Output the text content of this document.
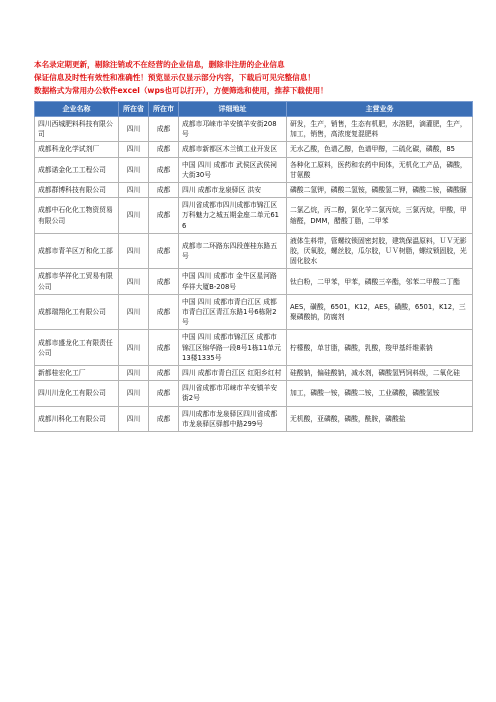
本名录定期更新，剔除注销或不在经营的企业信息，删除非注册的企业信息
保证信息及时性有效性和准确性！预览显示仅显示部分内容，下载后可见完整信息！
数据格式为常用办公软件excel（wps也可以打开），方便筛选和使用，推荐下载使用！
企业名称	所在省	所在市	详细地址	主营业务
四川西城肥料科技有限公司	四川	成都	成都市邛崃市羊安镇羊安街208号	研发，生产，销售，生态有机肥，水溶肥，滴灌肥，生产，加工，销售，高浓度复混肥料
成都科龙化学试剂厂	四川	成都	成都市新都区木兰镇工业开发区	无水乙酸，色谱乙醇，色谱甲醇，二硫化碳，磷酸，85
成都诺金化工工程公司	四川	成都	中国 四川 成都市 武侯区武侯祠大街30号	各种化工原料，医药和农药中间体，无机化工产品，磷酸，甘氨酸
成都群博科技有限公司	四川	成都	四川 成都市龙泉驿区 洪安	磷酸二氢钾，磷酸二氢铵，磷酸氢二钾，磷酸二铵，磷酸脲
成都中石化化工物资贸易有限公司	四川	成都	四川省成都市四川成都市锦江区万科魅力之城五期金座二单元616	二氯乙烷，丙二醇，氯化苄二氯丙烷，三氯丙烷，甲酸，甲缩醛，DMM，醋酸丁脂，二甲苯
成都市青羊区万和化工部	四川	成都	成都市二环路东四段莲桂东路五号	液体生料带，管螺纹锁固密封胶，建筑保温原料，ＵＶ无影胶，厌氧胶，螺丝胶，瓜尔胶，ＵＶ树脂，螺纹锁固胶，光固化胶水
成都市华祥化工贸易有限公司	四川	成都	中国 四川 成都市 金牛区星河路华祥大厦B-208号	钛白粉，二甲苯，甲苯，磷酸三辛酯，邻苯二甲酸二丁酯
成都瑞翔化工有限公司	四川	成都	中国 四川 成都市青白江区 成都市青白江区青江东路1号6栋附2号	AES，磺酸，6501，K12，AES，磺酸，6501，K12，三聚磷酸钠，防腐剂
成都市盛龙化工有限责任公司	四川	成都	中国 四川 成都市锦江区 成都市锦江区锦华路一段8号1栋11单元13楼1335号	柠檬酸，单甘脂，磷酸，乳酸，羧甲基纤维素钠
新都桂宏化工厂	四川	成都	四川 成都市青白江区 红阳乡红村	硅酸钠，偏硅酸钠，减水剂，磷酸氢钙饲料级，二氧化硅
四川川龙化工有限公司	四川	成都	四川省成都市邛崃市羊安镇羊安街2号	加工，磷酸一铵，磷酸二铵，工业磷酸，磷酸氢铵
成都川科化工有限公司	四川	成都	四川成都市龙泉驿区四川省成都市龙泉驿区驿都中路299号	无机酸，亚磷酸，磷酸，酰胺，磷酸盐
